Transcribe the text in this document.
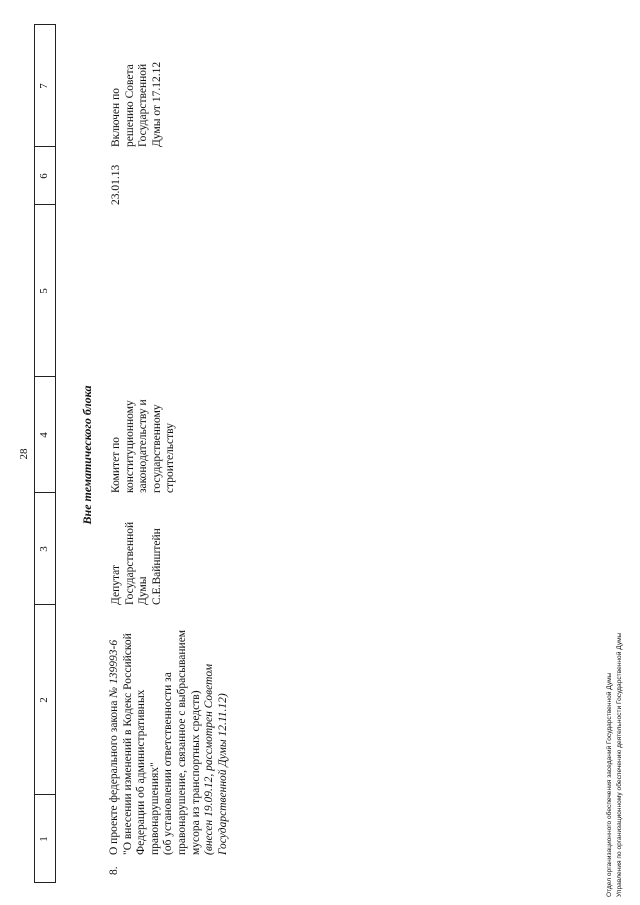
28
1
2
3
4
5
6
7
Вне тематического блока
8.
О проекте федерального закона № 139993-6 "О внесении изменений в Кодекс Российской Федерации об административных правонарушениях" (об установлении ответственности за правонарушение, связанное с выбрасыванием мусора из транспортных средств) (внесен 19.09.12, рассмотрен Советом Государственной Думы 12.11.12)
Депутат Государственной Думы С.Е.Вайнштейн
Комитет по конституционному законодательству и государственному строительству
23.01.13
Включен по решению Совета Государственной Думы от 17.12.12
Отдел организационного обеспечения заседаний Государственной Думы Управления по организационному обеспечению деятельности Государственной Думы
